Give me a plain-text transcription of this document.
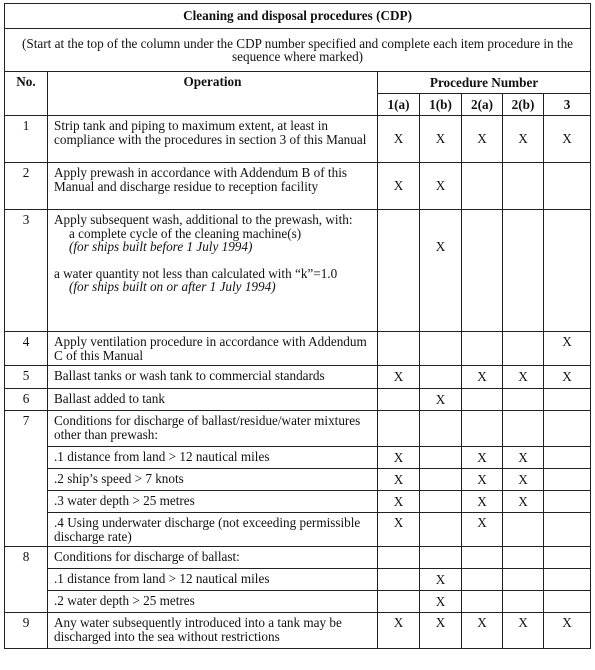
Cleaning and disposal procedures (CDP)						
(Start at the top of the column under the CDP number specified and complete each item procedure in the sequence where marked)						
No.	Operation	Procedure Number				
		1(a)	1(b)	2(a)	2(b)	3
1	Strip tank and piping to maximum extent, at least in compliance with the procedures in section 3 of this Manual	X	X	X	X	X
2	Apply prewash in accordance with Addendum B of this Manual and discharge residue to reception facility	X	X			
3	Apply subsequent wash, additional to the prewash, with:
a complete cycle of the cleaning machine(s)
(for ships built before 1 July 1994)
a water quantity not less than calculated with “k”=1.0
(for ships built on or after 1 July 1994)		X			
4	Apply ventilation procedure in accordance with Addendum C of this Manual					X
5	Ballast tanks or wash tank to commercial standards	X		X	X	X
6	Ballast added to tank		X			
7	Conditions for discharge of ballast/residue/water mixtures other than prewash:					
	.1 distance from land > 12 nautical miles	X		X	X	
	.2 ship’s speed > 7 knots	X		X	X	
	.3 water depth > 25 metres	X		X	X	

	.4 Using underwater discharge (not exceeding permissible discharge rate)	X		X		
8	Conditions for discharge of ballast:					
	.1 distance from land > 12 nautical miles		X			
	.2 water depth > 25 metres		X			
9	Any water subsequently introduced into a tank may be discharged into the sea without restrictions	X	X	X	X	X
